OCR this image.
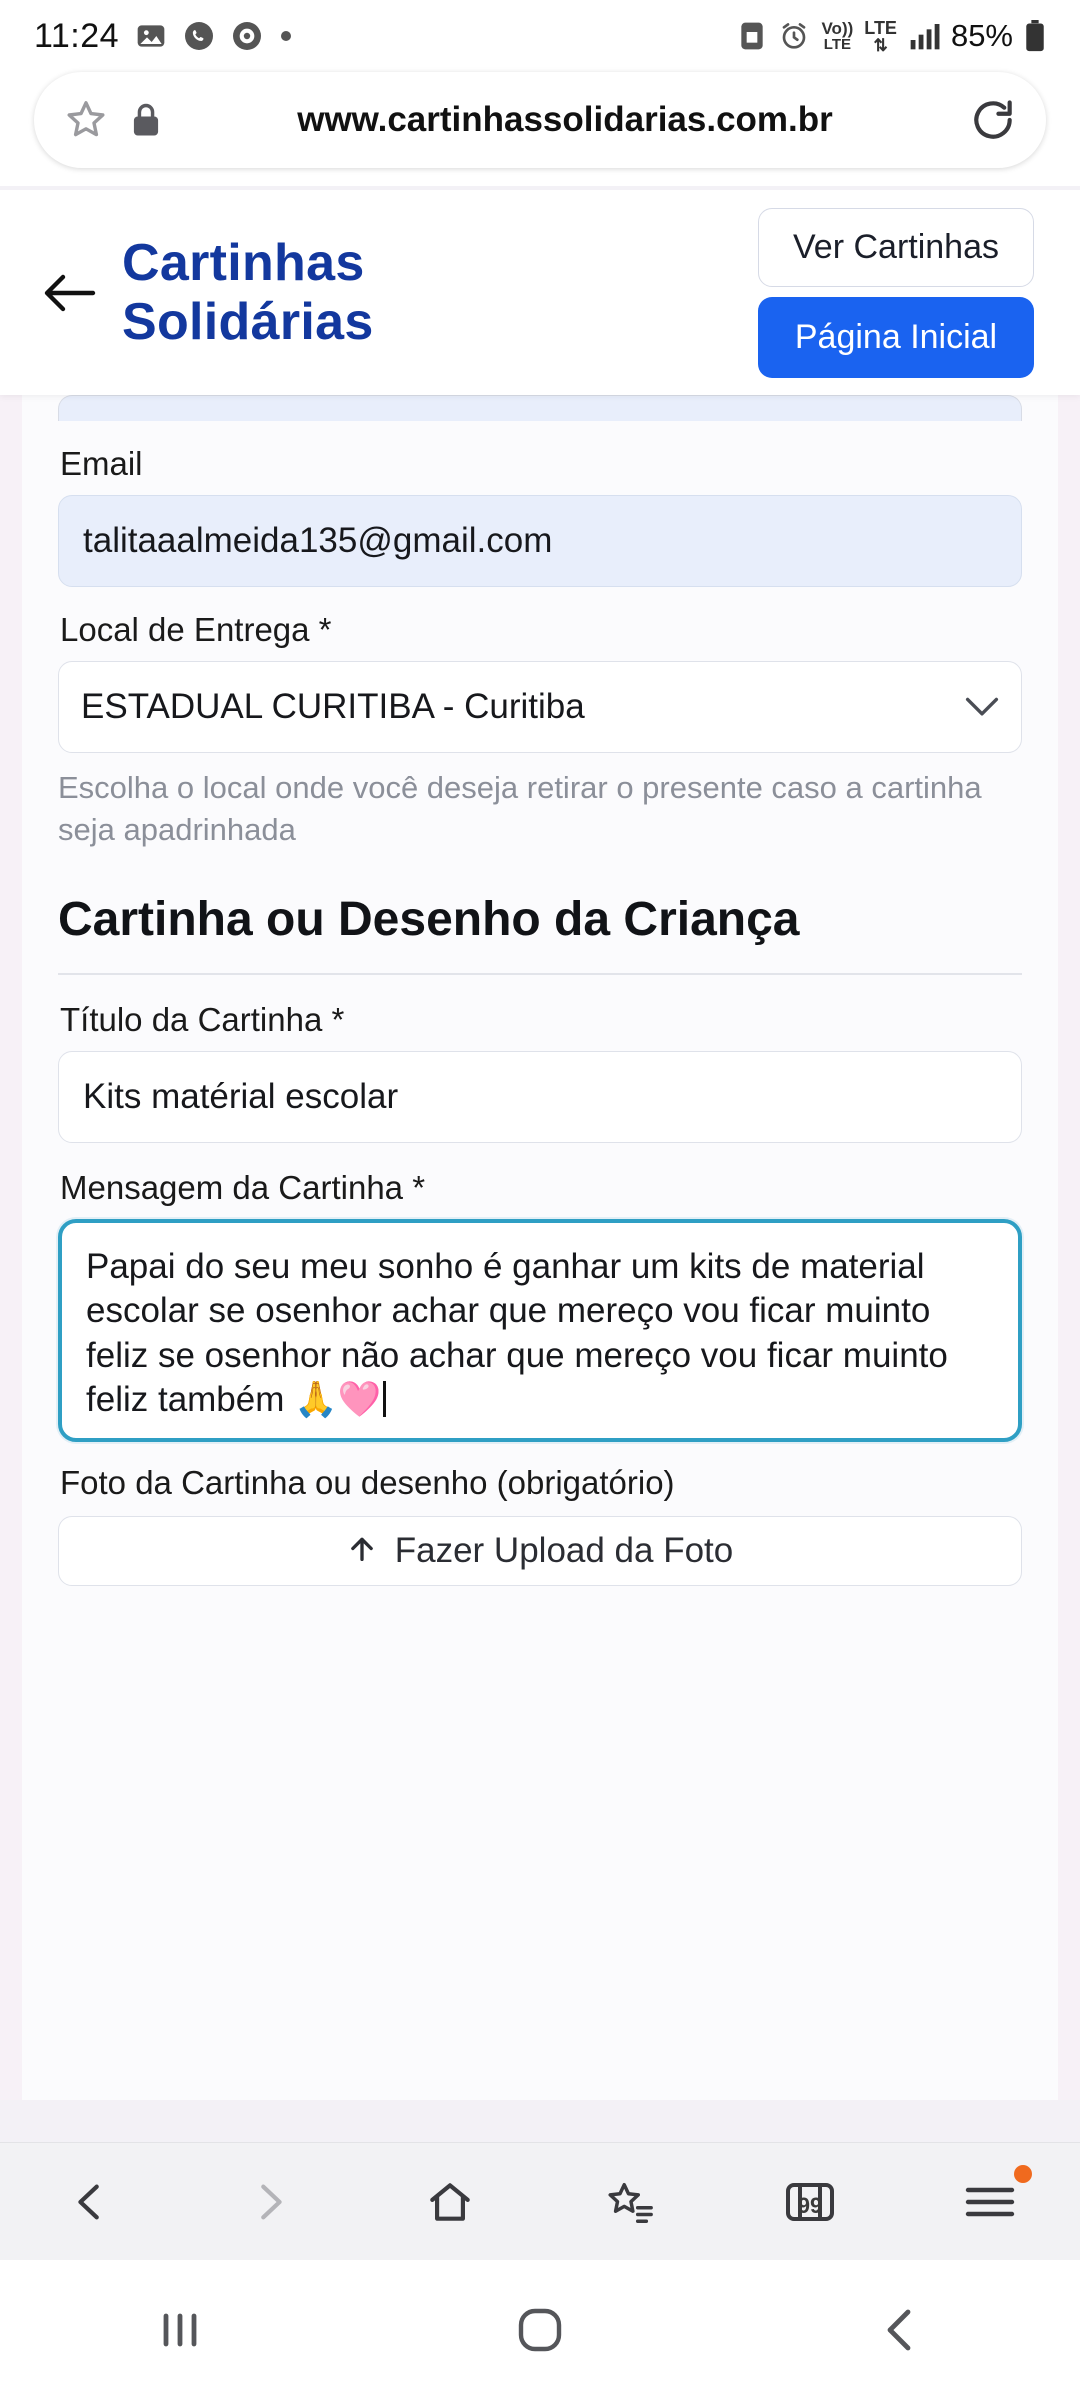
11:24	Vo))
LTE
LTE
⇅ 85%
www.cartinhassolidarias.com.br
Cartinhas
Solidárias
Ver Cartinhas
Página Inicial
Email
talitaaalmeida135@gmail.com
Local de Entrega *
ESTADUAL CURITIBA - Curitiba
Escolha o local onde você deseja retirar o presente caso a cartinha seja apadrinhada
Cartinha ou Desenho da Criança
Título da Cartinha *
Kits matérial escolar
Mensagem da Cartinha *
Papai do seu meu sonho é ganhar um kits de material escolar se osenhor achar que mereço vou ficar muinto feliz se osenhor não achar que mereço vou ficar muinto feliz também 🙏🩷
Foto da Cartinha ou desenho (obrigatório)
Fazer Upload da Foto
99
